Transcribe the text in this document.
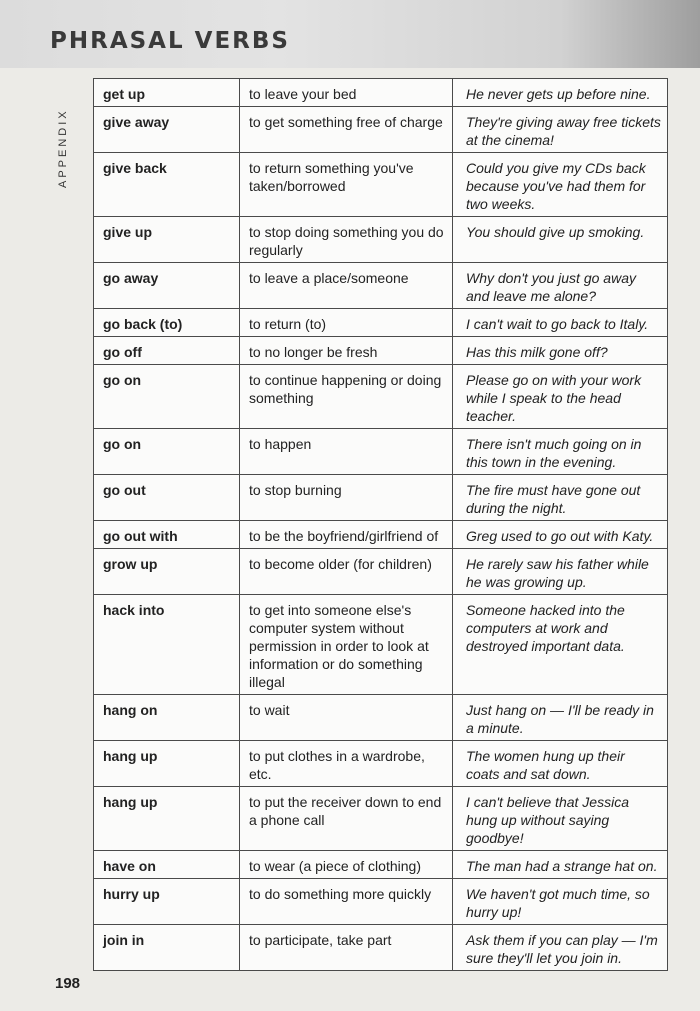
PHRASAL VERBS
APPENDIX
get up	to leave your bed	He never gets up before nine.

give away	to get something free of charge	They're giving away free tickets at the cinema!

give back	to return something you've taken/borrowed	Could you give my CDs back because you've had them for two weeks.

give up	to stop doing something you do regularly	You should give up smoking.

go away	to leave a place/someone	Why don't you just go away and leave me alone?

go back (to)	to return (to)	I can't wait to go back to Italy.

go off	to no longer be fresh	Has this milk gone off?

go on	to continue happening or doing something	Please go on with your work while I speak to the head teacher.

go on	to happen	There isn't much going on in this town in the evening.

go out	to stop burning	The fire must have gone out during the night.

go out with	to be the boyfriend/girlfriend of	Greg used to go out with Katy.

grow up	to become older (for children)	He rarely saw his father while he was growing up.

hack into	to get into someone else's computer system without permission in order to look at information or do something illegal	Someone hacked into the computers at work and destroyed important data.

hang on	to wait	Just hang on — I'll be ready in a minute.

hang up	to put clothes in a wardrobe, etc.	The women hung up their coats and sat down.

hang up	to put the receiver down to end a phone call	I can't believe that Jessica hung up without saying goodbye!

have on	to wear (a piece of clothing)	The man had a strange hat on.

hurry up	to do something more quickly	We haven't got much time, so hurry up!

join in	to participate, take part	Ask them if you can play — I'm sure they'll let you join in.
198
